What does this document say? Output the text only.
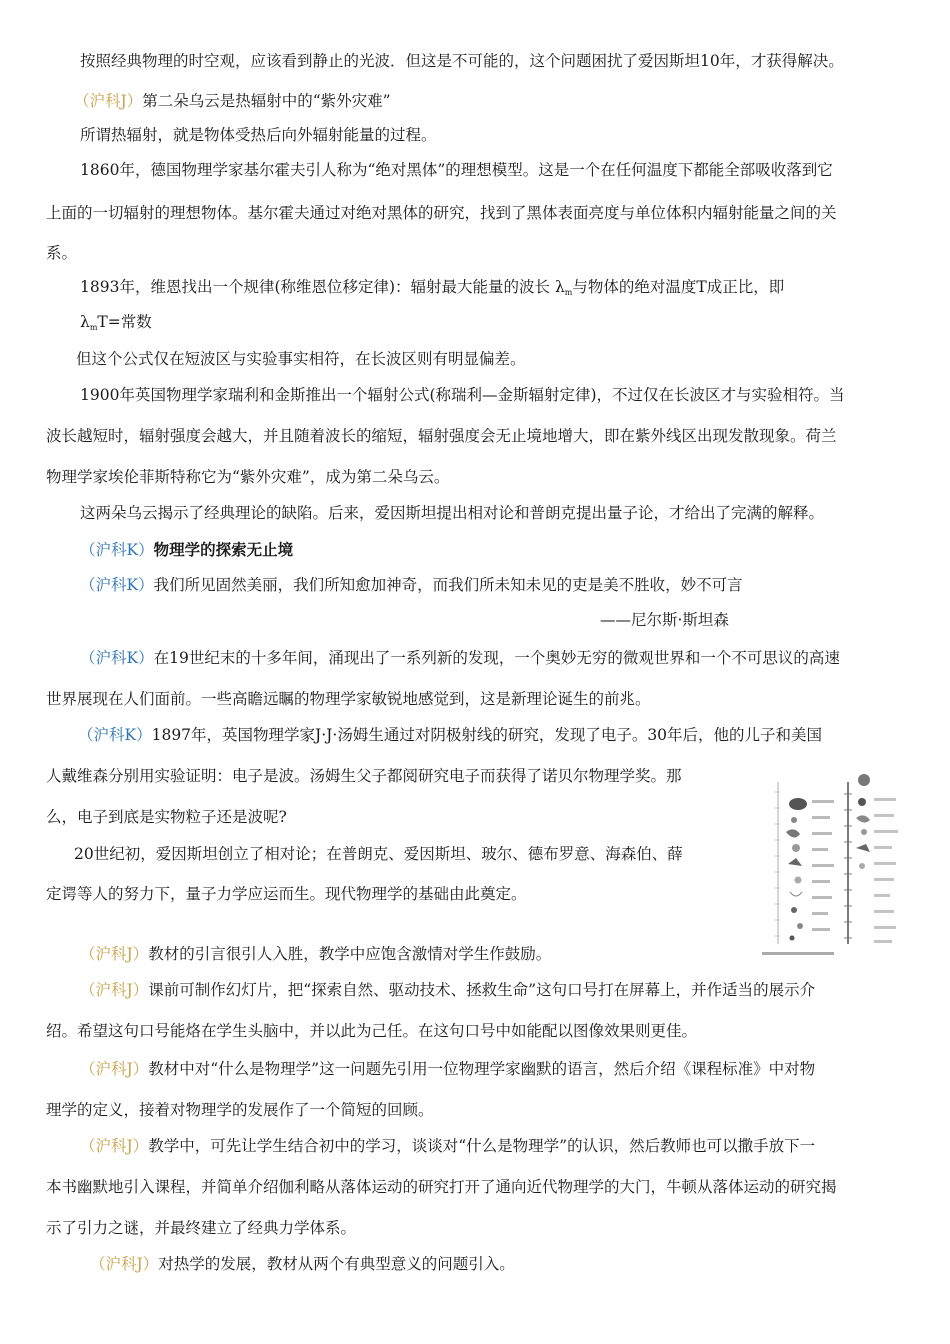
按照经典物理的时空观，应该看到静止的光波．但这是不可能的，这个问题困扰了爱因斯坦10年，才获得解决。

（沪科J）第二朵乌云是热辐射中的“紫外灾难”

所谓热辐射，就是物体受热后向外辐射能量的过程。

1860年，德国物理学家基尔霍夫引人称为“绝对黑体”的理想模型。这是一个在任何温度下都能全部吸收落到它

上面的一切辐射的理想物体。基尔霍夫通过对绝对黑体的研究，找到了黑体表面亮度与单位体积内辐射能量之间的关

系。

1893年，维恩找出一个规律(称维恩位移定律)：辐射最大能量的波长 $\lambda_m$与物体的绝对温度T成正比，即

$\lambda_mT=$常数

但这个公式仅在短波区与实验事实相符，在长波区则有明显偏差。

1900年英国物理学家瑞利和金斯推出一个辐射公式(称瑞利—金斯辐射定律)，不过仅在长波区才与实验相符。当

波长越短时，辐射强度会越大，并且随着波长的缩短，辐射强度会无止境地增大，即在紫外线区出现发散现象。荷兰

物理学家埃伦菲斯特称它为“紫外灾难”，成为第二朵乌云。

这两朵乌云揭示了经典理论的缺陷。后来，爱因斯坦提出相对论和普朗克提出量子论，才给出了完满的解释。

（沪科K）物理学的探索无止境

（沪科K）我们所见固然美丽，我们所知愈加神奇，而我们所未知未见的吏是美不胜收，妙不可言

——尼尔斯·斯坦森

（沪科K）在19世纪末的十多年间，涌现出了一系列新的发现，一个奥妙无穷的微观世界和一个不可思议的高速

世界展现在人们面前。一些高瞻远瞩的物理学家敏锐地感觉到，这是新理论诞生的前兆。

（沪科K）1897年，英国物理学家J·J·汤姆生通过对阴极射线的研究，发现了电子。30年后，他的儿子和美国

人戴维森分别用实验证明：电子是波。汤姆生父子都阅研究电子而获得了诺贝尔物理学奖。那

么，电子到底是实物粒子还是波呢?

20世纪初，爱因斯坦创立了相对论；在普朗克、爱因斯坦、玻尔、德布罗意、海森伯、薛

定谔等人的努力下，量子力学应运而生。现代物理学的基础由此奠定。

（沪科J）教材的引言很引人入胜，教学中应饱含激情对学生作鼓励。

（沪科J）课前可制作幻灯片，把“探索自然、驱动技术、拯救生命”这句口号打在屏幕上，并作适当的展示介

绍。希望这句口号能烙在学生头脑中，并以此为己任。在这句口号中如能配以图像效果则更佳。

（沪科J）教材中对“什么是物理学”这一问题先引用一位物理学家幽默的语言，然后介绍《课程标准》中对物

理学的定义，接着对物理学的发展作了一个简短的回顾。

（沪科J）教学中，可先让学生结合初中的学习，谈谈对“什么是物理学”的认识，然后教师也可以撒手放下一

本书幽默地引入课程，并简单介绍伽利略从落体运动的研究打开了通向近代物理学的大门，牛顿从落体运动的研究揭

示了引力之谜，并最终建立了经典力学体系。

（沪科J）对热学的发展，教材从两个有典型意义的问题引入。
